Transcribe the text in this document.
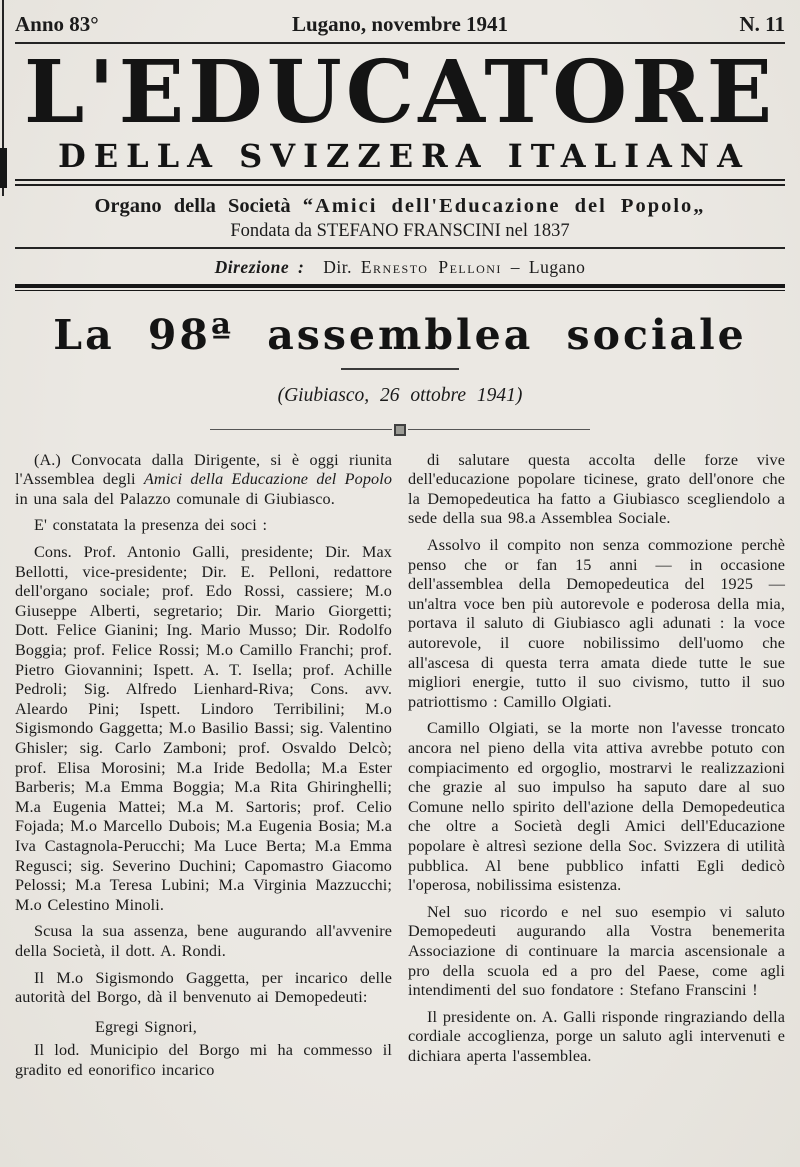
Anno 83°	Lugano, novembre 1941	N. 11
L'EDUCATORE
DELLA SVIZZERA ITALIANA
Organo della Società “Amici dell'Educazione del Popolo„
Fondata da STEFANO FRANSCINI nel 1837
Direzione : Dir. Ernesto Pelloni – Lugano
La 98ª assemblea sociale
(Giubiasco, 26 ottobre 1941)

(A.) Convocata dalla Dirigente, si è oggi riunita l'Assemblea degli Amici della Educazione del Popolo in una sala del Palazzo comunale di Giubiasco.

E' constatata la presenza dei soci :

Cons. Prof. Antonio Galli, presidente; Dir. Max Bellotti, vice-presidente; Dir. E. Pelloni, redattore dell'organo sociale; prof. Edo Rossi, cassiere; M.o Giuseppe Alberti, segretario; Dir. Mario Giorgetti; Dott. Felice Gianini; Ing. Mario Musso; Dir. Rodolfo Boggia; prof. Felice Rossi; M.o Camillo Franchi; prof. Pietro Giovannini; Ispett. A. T. Isella; prof. Achille Pedroli; Sig. Alfredo Lienhard-Riva; Cons. avv. Aleardo Pini; Ispett. Lindoro Terribilini; M.o Sigismondo Gaggetta; M.o Basilio Bassi; sig. Valentino Ghisler; sig. Carlo Zamboni; prof. Osvaldo Delcò; prof. Elisa Morosini; M.a Iride Bedolla; M.a Ester Barberis; M.a Emma Boggia; M.a Rita Ghiringhelli; M.a Eugenia Mattei; M.a M. Sartoris; prof. Celio Fojada; M.o Marcello Dubois; M.a Eugenia Bosia; M.a Iva Castagnola-Perucchi; Ma Luce Berta; M.a Emma Regusci; sig. Severino Duchini; Capomastro Giacomo Pelossi; M.a Teresa Lubini; M.a Virginia Mazzucchi; M.o Celestino Minoli.

Scusa la sua assenza, bene augurando all'avvenire della Società, il dott. A. Rondi.

Il M.o Sigismondo Gaggetta, per incarico delle autorità del Borgo, dà il benvenuto ai Demopedeuti:

Egregi Signori,

Il lod. Municipio del Borgo mi ha commesso il gradito ed eonorifico incarico

di salutare questa accolta delle forze vive dell'educazione popolare ticinese, grato dell'onore che la Demopedeutica ha fatto a Giubiasco scegliendolo a sede della sua 98.a Assemblea Sociale.

Assolvo il compito non senza commozione perchè penso che or fan 15 anni — in occasione dell'assemblea della Demopedeutica del 1925 — un'altra voce ben più autorevole e poderosa della mia, portava il saluto di Giubiasco agli adunati : la voce autorevole, il cuore nobilissimo dell'uomo che all'ascesa di questa terra amata diede tutte le sue migliori energie, tutto il suo civismo, tutto il suo patriottismo : Camillo Olgiati.

Camillo Olgiati, se la morte non l'avesse troncato ancora nel pieno della vita attiva avrebbe potuto con compiacimento ed orgoglio, mostrarvi le realizzazioni che grazie al suo impulso ha saputo dare al suo Comune nello spirito dell'azione della Demopedeutica che oltre a Società degli Amici dell'Educazione popolare è altresì sezione della Soc. Svizzera di utilità pubblica. Al bene pubblico infatti Egli dedicò l'operosa, nobilissima esistenza.

Nel suo ricordo e nel suo esempio vi saluto Demopedeuti augurando alla Vostra benemerita Associazione di continuare la marcia ascensionale a pro della scuola ed a pro del Paese, come agli intendimenti del suo fondatore : Stefano Franscini !

Il presidente on. A. Galli risponde ringraziando della cordiale accoglienza, porge un saluto agli intervenuti e dichiara aperta l'assemblea.
